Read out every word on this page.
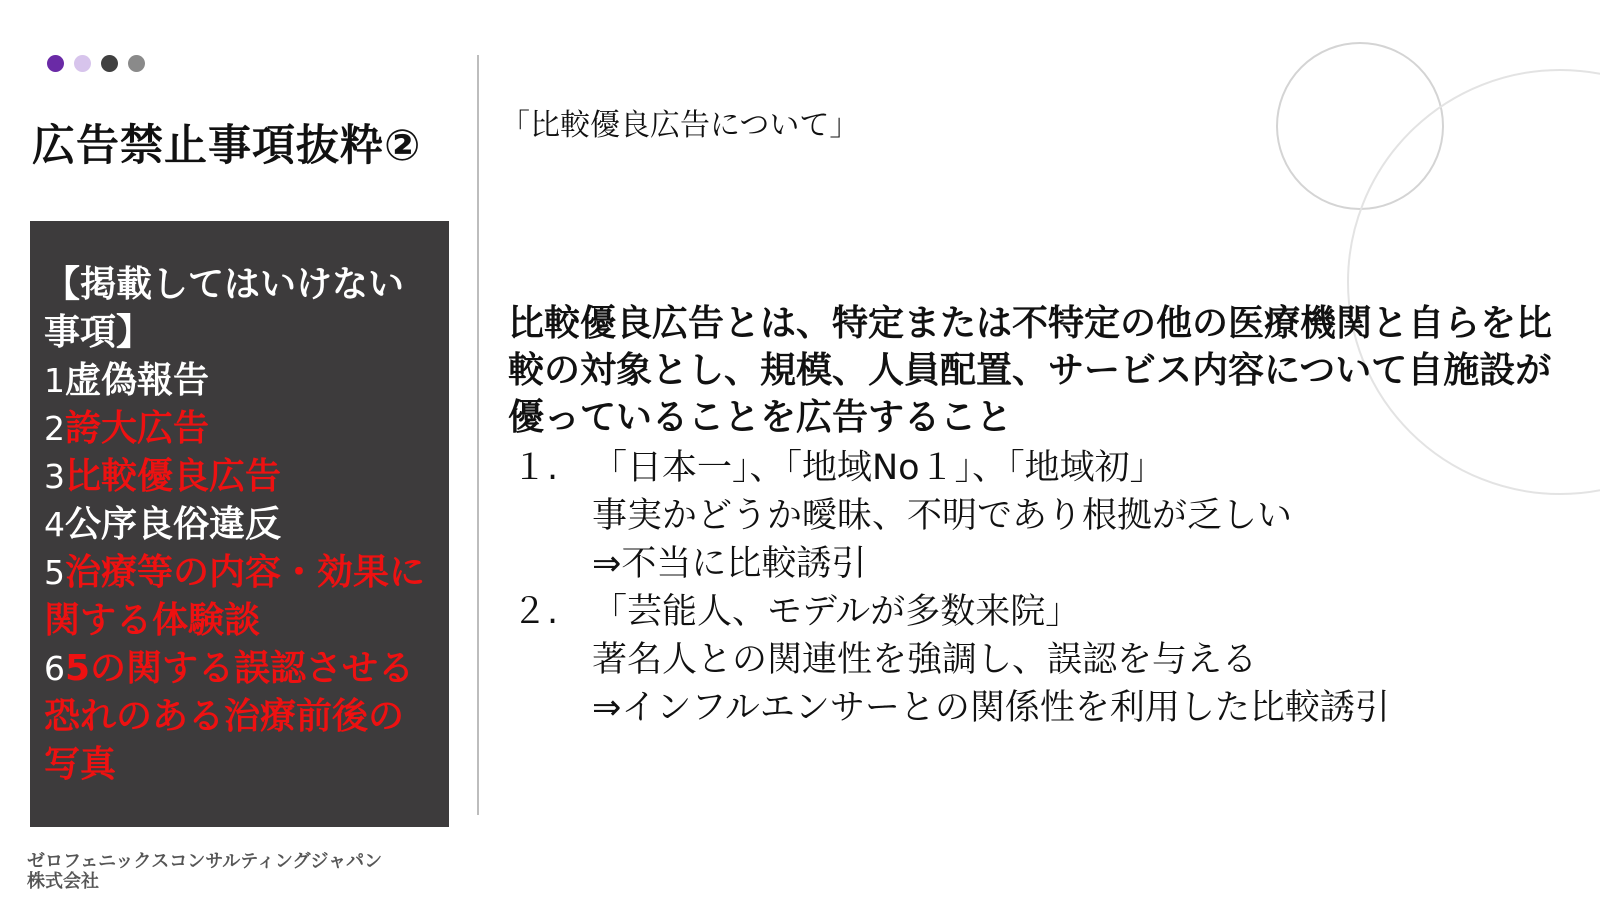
広告禁止事項抜粋②
【掲載してはいけない事項】
1虚偽報告
2誇大広告
3比較優良広告
4公序良俗違反
5治療等の内容・効果に関する体験談
65の関する誤認させる恐れのある治療前後の写真
「比較優良広告について」
比較優良広告とは、特定または不特定の他の医療機関と自らを比較の対象とし、規模、人員配置、サービス内容について自施設が優っていることを広告すること
１. 「日本一」、「地域No１」、「地域初」
事実かどうか曖昧、不明であり根拠が乏しい
⇒不当に比較誘引
２. 「芸能人、モデルが多数来院」
著名人との関連性を強調し、誤認を与える
⇒インフルエンサーとの関係性を利用した比較誘引
ゼロフェニックスコンサルティングジャパン
株式会社
